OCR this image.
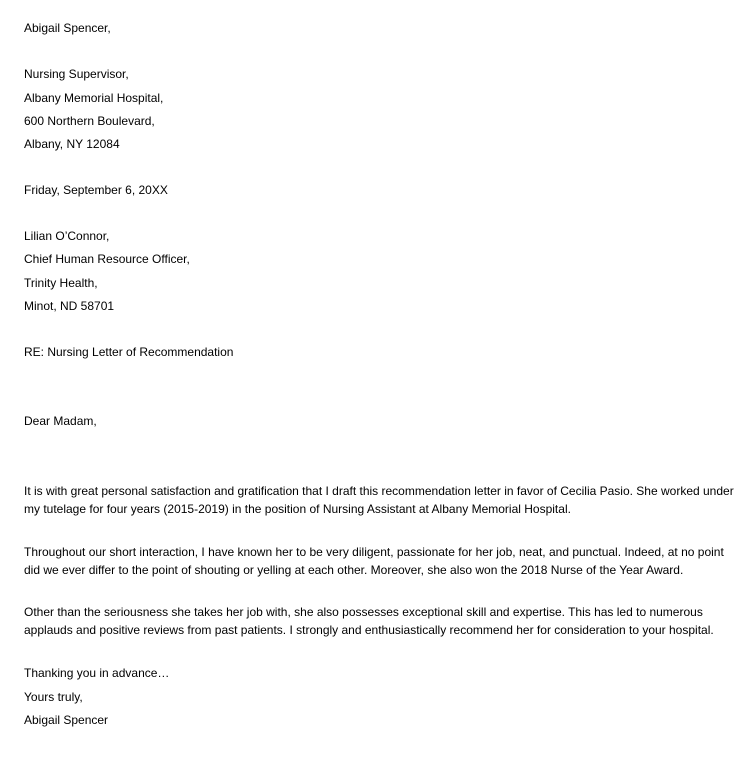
Abigail Spencer,

Nursing Supervisor,

Albany Memorial Hospital,

600 Northern Boulevard,

Albany, NY 12084

Friday, September 6, 20XX

Lilian O’Connor,

Chief Human Resource Officer,

Trinity Health,

Minot, ND 58701

RE: Nursing Letter of Recommendation

Dear Madam,

It is with great personal satisfaction and gratification that I draft this recommendation letter in favor of Cecilia Pasio. She worked under my tutelage for four years (2015-2019) in the position of Nursing Assistant at Albany Memorial Hospital.

Throughout our short interaction, I have known her to be very diligent, passionate for her job, neat, and punctual. Indeed, at no point did we ever differ to the point of shouting or yelling at each other. Moreover, she also won the 2018 Nurse of the Year Award.

Other than the seriousness she takes her job with, she also possesses exceptional skill and expertise. This has led to numerous applauds and positive reviews from past patients. I strongly and enthusiastically recommend her for consideration to your hospital.

Thanking you in advance…

Yours truly,

Abigail Spencer
